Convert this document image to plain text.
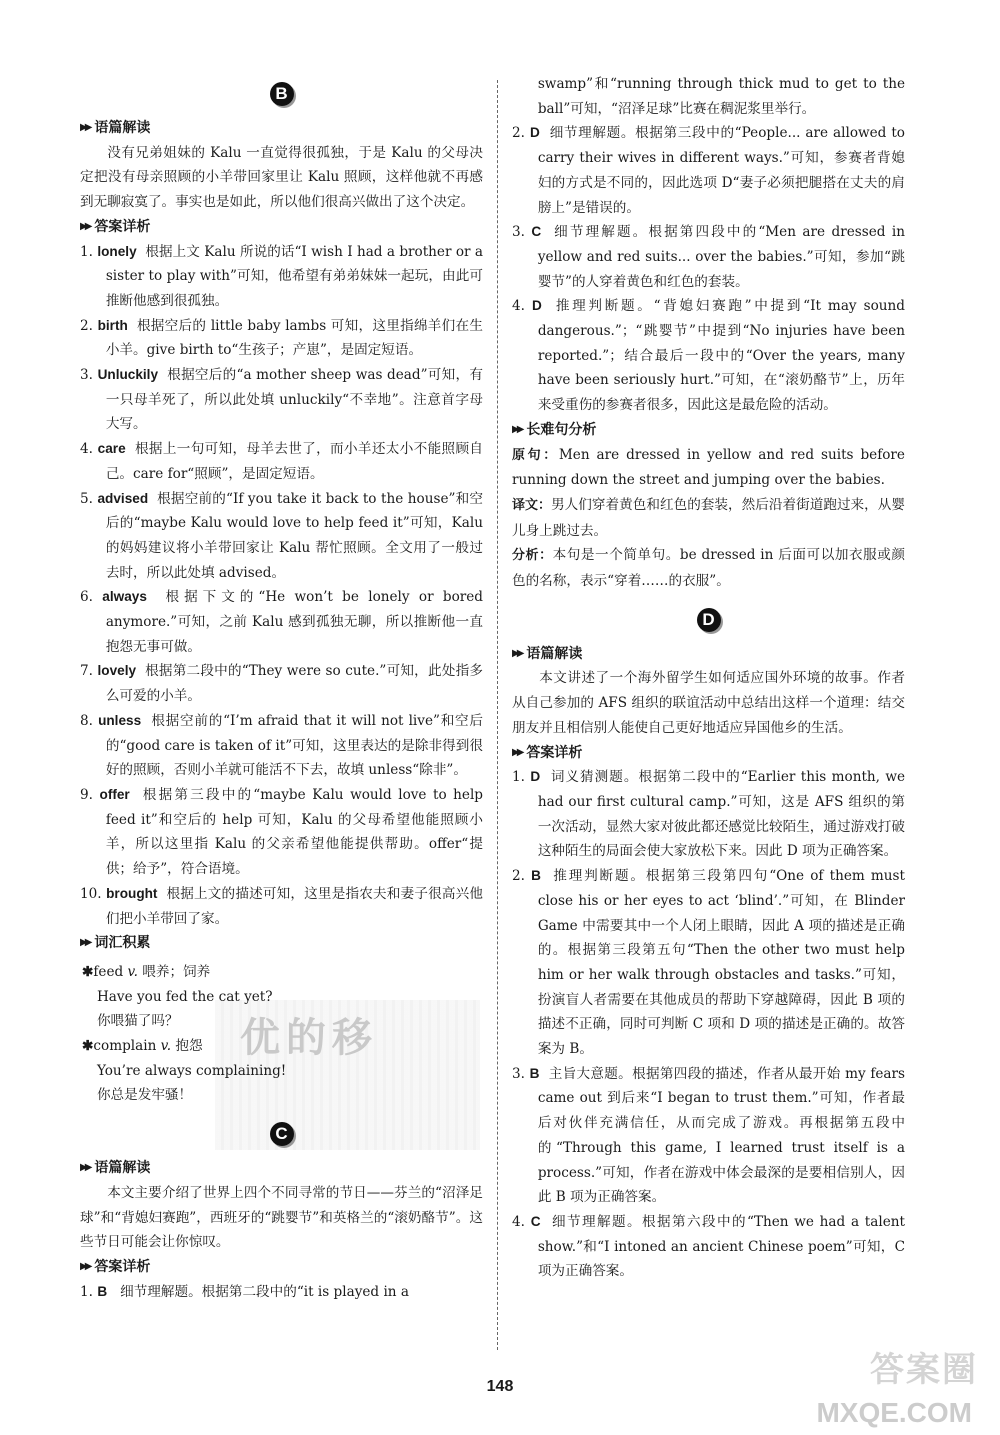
优的移
B
▶▶ 语篇解读

没有兄弟姐妹的 Kalu 一直觉得很孤独，于是 Kalu 的父母决定把没有母亲照顾的小羊带回家里让 Kalu 照顾，这样他就不再感到无聊寂寞了。事实也是如此，所以他们很高兴做出了这个决定。

▶▶ 答案详析

1. lonely 根据上文 Kalu 所说的话“I wish I had a brother or a sister to play with”可知，他希望有弟弟妹妹一起玩，由此可推断他感到很孤独。

2. birth 根据空后的 little baby lambs 可知，这里指绵羊们在生小羊。give birth to“生孩子；产崽”，是固定短语。

3. Unluckily 根据空后的“a mother sheep was dead”可知，有一只母羊死了，所以此处填 unluckily“不幸地”。注意首字母大写。

4. care 根据上一句可知，母羊去世了，而小羊还太小不能照顾自己。care for“照顾”，是固定短语。

5. advised 根据空前的“If you take it back to the house”和空后的“maybe Kalu would love to help feed it”可知，Kalu 的妈妈建议将小羊带回家让 Kalu 帮忙照顾。全文用了一般过去时，所以此处填 advised。

6. always 根据下文的“He won’t be lonely or bored anymore.”可知，之前 Kalu 感到孤独无聊，所以推断他一直抱怨无事可做。

7. lovely 根据第二段中的“They were so cute.”可知，此处指多么可爱的小羊。

8. unless 根据空前的“I’m afraid that it will not live”和空后的“good care is taken of it”可知，这里表达的是除非得到很好的照顾，否则小羊就可能活不下去，故填 unless“除非”。

9. offer 根据第三段中的“maybe Kalu would love to help feed it”和空后的 help 可知，Kalu 的父母希望他能照顾小羊，所以这里指 Kalu 的父亲希望他能提供帮助。offer“提供；给予”，符合语境。

10. brought 根据上文的描述可知，这里是指农夫和妻子很高兴他们把小羊带回了家。

▶▶ 词汇积累

✱feed v. 喂养；饲养

Have you fed the cat yet?

你喂猫了吗？

✱complain v. 抱怨

You’re always complaining!

你总是发牢骚！

C
▶▶ 语篇解读

本文主要介绍了世界上四个不同寻常的节日——芬兰的“沼泽足球”和“背媳妇赛跑”，西班牙的“跳婴节”和英格兰的“滚奶酪节”。这些节日可能会让你惊叹。

▶▶ 答案详析

1. B 细节理解题。根据第二段中的“it is played in a

swamp”和“running through thick mud to get to the ball”可知，“沼泽足球”比赛在稠泥浆里举行。

2. D 细节理解题。根据第三段中的“People... are allowed to carry their wives in different ways.”可知，参赛者背媳妇的方式是不同的，因此选项 D“妻子必须把腿搭在丈夫的肩膀上”是错误的。

3. C 细节理解题。根据第四段中的“Men are dressed in yellow and red suits... over the babies.”可知，参加“跳婴节”的人穿着黄色和红色的套装。

4. D 推理判断题。“背媳妇赛跑”中提到“It may sound dangerous.”；“跳婴节”中提到“No injuries have been reported.”；结合最后一段中的“Over the years, many have been seriously hurt.”可知，在“滚奶酪节”上，历年来受重伤的参赛者很多，因此这是最危险的活动。

▶▶ 长难句分析

原句：Men are dressed in yellow and red suits before running down the street and jumping over the babies.

译文：男人们穿着黄色和红色的套装，然后沿着街道跑过来，从婴儿身上跳过去。

分析：本句是一个简单句。be dressed in 后面可以加衣服或颜色的名称，表示“穿着……的衣服”。

D
▶▶ 语篇解读

本文讲述了一个海外留学生如何适应国外环境的故事。作者从自己参加的 AFS 组织的联谊活动中总结出这样一个道理：结交朋友并且相信别人能使自己更好地适应异国他乡的生活。

▶▶ 答案详析

1. D 词义猜测题。根据第二段中的“Earlier this month, we had our first cultural camp.”可知，这是 AFS 组织的第一次活动，显然大家对彼此都还感觉比较陌生，通过游戏打破这种陌生的局面会使大家放松下来。因此 D 项为正确答案。

2. B 推理判断题。根据第三段第四句“One of them must close his or her eyes to act ‘blind’.”可知，在 Blinder Game 中需要其中一个人闭上眼睛，因此 A 项的描述是正确的。根据第三段第五句“Then the other two must help him or her walk through obstacles and tasks.”可知，扮演盲人者需要在其他成员的帮助下穿越障碍，因此 B 项的描述不正确，同时可判断 C 项和 D 项的描述是正确的。故答案为 B。

3. B 主旨大意题。根据第四段的描述，作者从最开始 my fears came out 到后来“I began to trust them.”可知，作者最后对伙伴充满信任，从而完成了游戏。再根据第五段中的“Through this game, I learned trust itself is a process.”可知，作者在游戏中体会最深的是要相信别人，因此 B 项为正确答案。

4. C 细节理解题。根据第六段中的“Then we had a talent show.”和“I intoned an ancient Chinese poem”可知，C 项为正确答案。

148	答案圈
MXQE.COM
